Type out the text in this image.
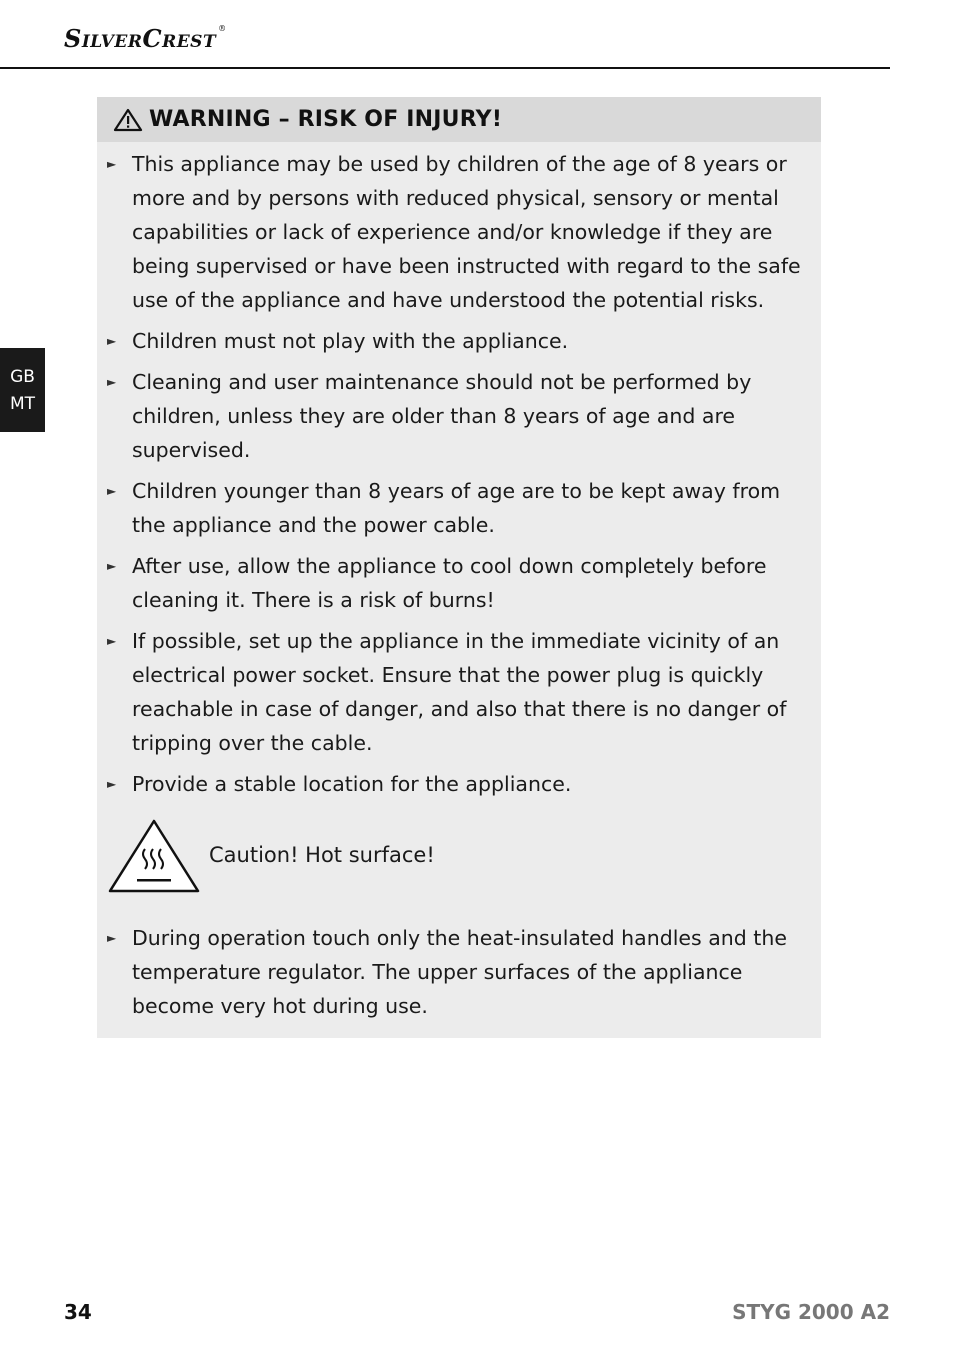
SilverCrest ®
GB
MT
WARNING – RISK OF INJURY!
► This appliance may be used by children of the age of 8 years or more and by persons with reduced physical, sensory or mental capabilities or lack of experience and/or knowledge if they are being supervised or have been instructed with regard to the safe use of the appliance and have understood the potential risks.
► Children must not play with the appliance.
► Cleaning and user maintenance should not be performed by children, unless they are older than 8 years of age and are supervised.
► Children younger than 8 years of age are to be kept away from the appliance and the power cable.
► After use, allow the appliance to cool down completely before cleaning it. There is a risk of burns!
► If possible, set up the appliance in the immediate vicinity of an electrical power socket. Ensure that the power plug is quickly reachable in case of danger, and also that there is no danger of tripping over the cable.
► Provide a stable location for the appliance.
Caution! Hot surface!
► During operation touch only the heat-insulated handles and the temperature regulator. The upper surfaces of the appliance become very hot during use.
34	STYG 2000 A2
